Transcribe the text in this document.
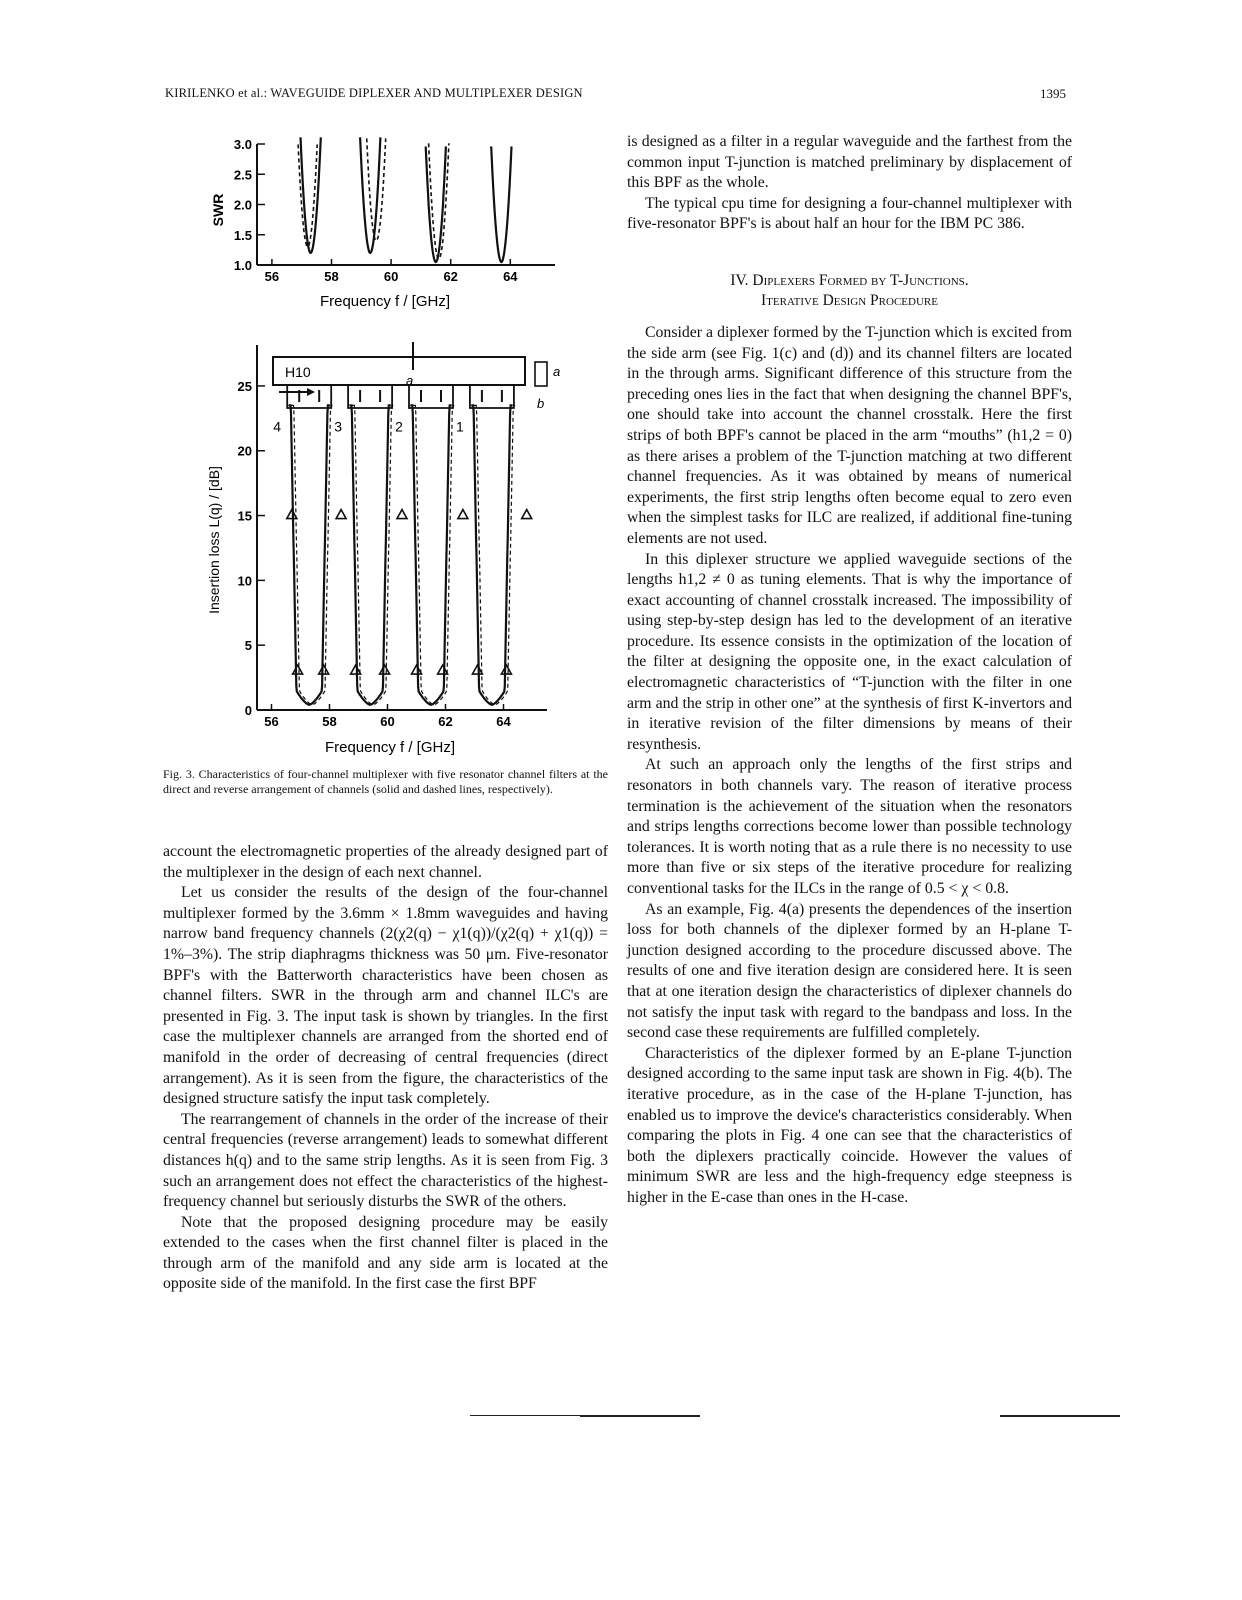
KIRILENKO et al.: WAVEGUIDE DIPLEXER AND MULTIPLEXER DESIGN	1395
1.0
1.5
2.0
2.5
3.0
56	58	60	62	64
Frequency f / [GHz]
SWR
0
5
10
15
20
25
56	58	60	62	64
H10
a
a
b
4	3	2	1
Frequency f / [GHz]
Insertion loss L(q) / [dB]
Fig. 3. Characteristics of four-channel multiplexer with five resonator channel filters at the direct and reverse arrangement of channels (solid and dashed lines, respectively).

account the electromagnetic properties of the already designed part of the multiplexer in the design of each next channel.

Let us consider the results of the design of the four-channel multiplexer formed by the 3.6mm × 1.8mm waveguides and having narrow band frequency channels (2(χ2(q) − χ1(q))/(χ2(q) + χ1(q)) = 1%–3%). The strip diaphragms thickness was 50 μm. Five-resonator BPF's with the Batterworth characteristics have been chosen as channel filters. SWR in the through arm and channel ILC's are presented in Fig. 3. The input task is shown by triangles. In the first case the multiplexer channels are arranged from the shorted end of manifold in the order of decreasing of central frequencies (direct arrangement). As it is seen from the figure, the characteristics of the designed structure satisfy the input task completely.

The rearrangement of channels in the order of the increase of their central frequencies (reverse arrangement) leads to somewhat different distances h(q) and to the same strip lengths. As it is seen from Fig. 3 such an arrangement does not effect the characteristics of the highest-frequency channel but seriously disturbs the SWR of the others.

Note that the proposed designing procedure may be easily extended to the cases when the first channel filter is placed in the through arm of the manifold and any side arm is located at the opposite side of the manifold. In the first case the first BPF

is designed as a filter in a regular waveguide and the farthest from the common input T-junction is matched preliminary by displacement of this BPF as the whole.

The typical cpu time for designing a four-channel multiplexer with five-resonator BPF's is about half an hour for the IBM PC 386.

IV. Diplexers Formed by T-Junctions.
Iterative Design Procedure

Consider a diplexer formed by the T-junction which is excited from the side arm (see Fig. 1(c) and (d)) and its channel filters are located in the through arms. Significant difference of this structure from the preceding ones lies in the fact that when designing the channel BPF's, one should take into account the channel crosstalk. Here the first strips of both BPF's cannot be placed in the arm “mouths” (h1,2 = 0) as there arises a problem of the T-junction matching at two different channel frequencies. As it was obtained by means of numerical experiments, the first strip lengths often become equal to zero even when the simplest tasks for ILC are realized, if additional fine-tuning elements are not used.

In this diplexer structure we applied waveguide sections of the lengths h1,2 ≠ 0 as tuning elements. That is why the importance of exact accounting of channel crosstalk increased. The impossibility of using step-by-step design has led to the development of an iterative procedure. Its essence consists in the optimization of the location of the filter at designing the opposite one, in the exact calculation of electromagnetic characteristics of “T-junction with the filter in one arm and the strip in other one” at the synthesis of first K-invertors and in iterative revision of the filter dimensions by means of their resynthesis.

At such an approach only the lengths of the first strips and resonators in both channels vary. The reason of iterative process termination is the achievement of the situation when the resonators and strips lengths corrections become lower than possible technology tolerances. It is worth noting that as a rule there is no necessity to use more than five or six steps of the iterative procedure for realizing conventional tasks for the ILCs in the range of 0.5 < χ < 0.8.

As an example, Fig. 4(a) presents the dependences of the insertion loss for both channels of the diplexer formed by an H-plane T-junction designed according to the procedure discussed above. The results of one and five iteration design are considered here. It is seen that at one iteration design the characteristics of diplexer channels do not satisfy the input task with regard to the bandpass and loss. In the second case these requirements are fulfilled completely.

Characteristics of the diplexer formed by an E-plane T-junction designed according to the same input task are shown in Fig. 4(b). The iterative procedure, as in the case of the H-plane T-junction, has enabled us to improve the device's characteristics considerably. When comparing the plots in Fig. 4 one can see that the characteristics of both the diplexers practically coincide. However the values of minimum SWR are less and the high-frequency edge steepness is higher in the E-case than ones in the H-case.
